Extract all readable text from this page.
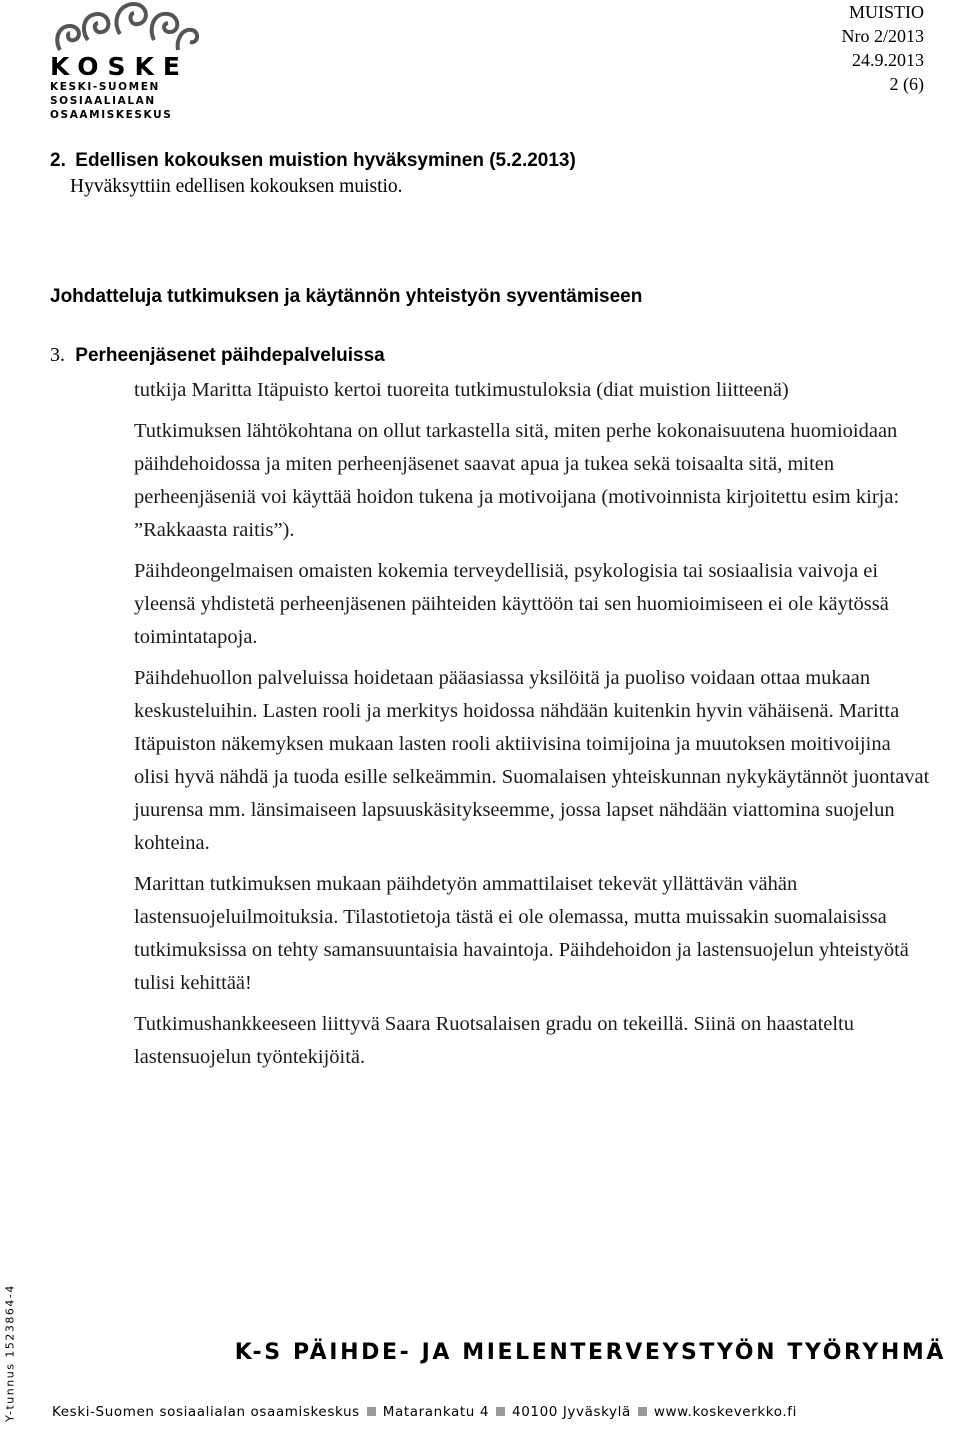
KOSKE
KESKI-SUOMEN
SOSIAALIALAN
OSAAMISKESKUS
MUISTIO
Nro 2/2013
24.9.2013
2 (6)
2. Edellisen kokouksen muistion hyväksyminen (5.2.2013)
Hyväksyttiin edellisen kokouksen muistio.
Johdatteluja tutkimuksen ja käytännön yhteistyön syventämiseen
3. Perheenjäsenet päihdepalveluissa

tutkija Maritta Itäpuisto kertoi tuoreita tutkimustuloksia (diat muistion liitteenä)

Tutkimuksen lähtökohtana on ollut tarkastella sitä, miten perhe kokonaisuutena huomioidaan päihdehoidossa ja miten perheenjäsenet saavat apua ja tukea sekä toisaalta sitä, miten perheenjäseniä voi käyttää hoidon tukena ja motivoijana (motivoinnista kirjoitettu esim kirja: ”Rakkaasta raitis”).

Päihdeongelmaisen omaisten kokemia terveydellisiä, psykologisia tai sosiaalisia vaivoja ei yleensä yhdistetä perheenjäsenen päihteiden käyttöön tai sen huomioimiseen ei ole käytössä toimintatapoja.

Päihdehuollon palveluissa hoidetaan pääasiassa yksilöitä ja puoliso voidaan ottaa mukaan keskusteluihin. Lasten rooli ja merkitys hoidossa nähdään kuitenkin hyvin vähäisenä. Maritta Itäpuiston näkemyksen mukaan lasten rooli aktiivisina toimijoina ja muutoksen moitivoijina olisi hyvä nähdä ja tuoda esille selkeämmin. Suomalaisen yhteiskunnan nykykäytännöt juontavat juurensa mm. länsimaiseen lapsuuskäsitykseemme, jossa lapset nähdään viattomina suojelun kohteina.

Marittan tutkimuksen mukaan päihdetyön ammattilaiset tekevät yllättävän vähän lastensuojeluilmoituksia. Tilastotietoja tästä ei ole olemassa, mutta muissakin suomalaisissa tutkimuksissa on tehty samansuuntaisia havaintoja. Päihdehoidon ja lastensuojelun yhteistyötä tulisi kehittää!

Tutkimushankkeeseen liittyvä Saara Ruotsalaisen gradu on tekeillä. Siinä on haastateltu lastensuojelun työntekijöitä.

Y-tunnus 1523864-4	K-S PÄIHDE- JA MIELENTERVEYSTYÖN TYÖRYHMÄ
Keski-Suomen sosiaalialan osaamiskeskus Matarankatu 4 40100 Jyväskylä www.koskeverkko.fi
